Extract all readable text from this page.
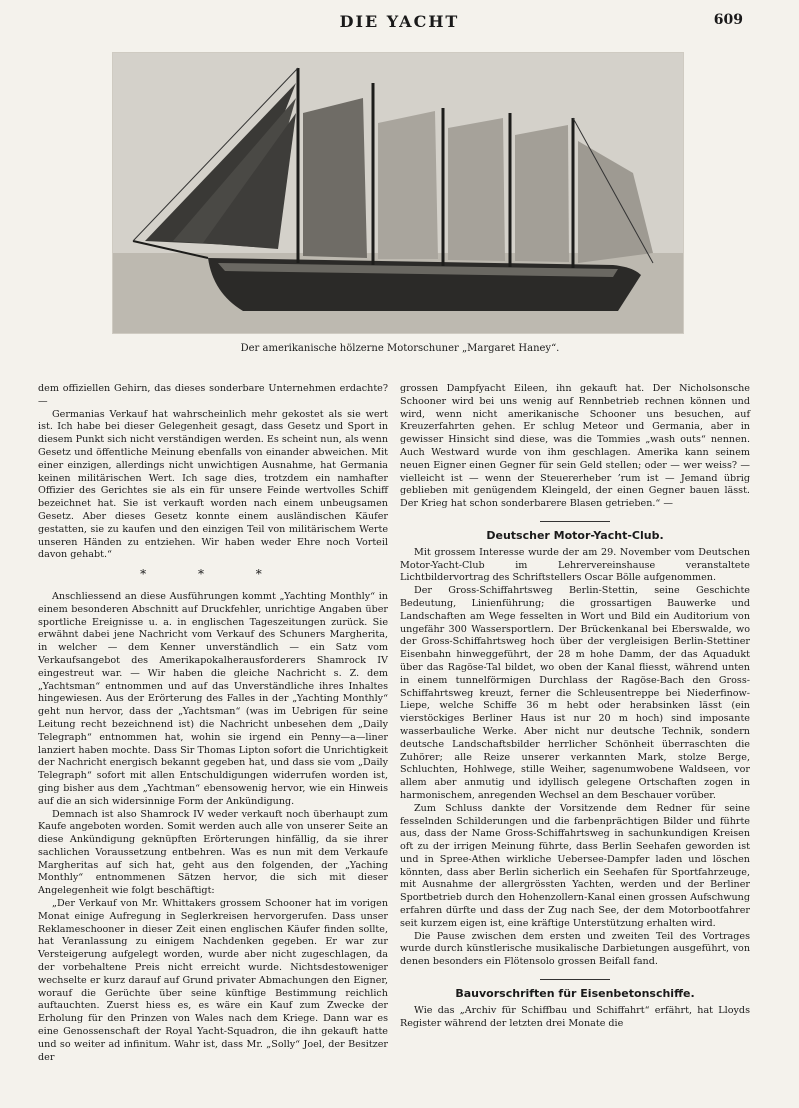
DIE YACHT	609
Der amerikanische hölzerne Motorschuner „Margaret Haney“.

dem offiziellen Gehirn, das dieses sonderbare Unternehmen erdachte? —

Germanias Verkauf hat wahrscheinlich mehr gekostet als sie wert ist. Ich habe bei dieser Gelegenheit gesagt, dass Gesetz und Sport in diesem Punkt sich nicht verständigen werden. Es scheint nun, als wenn Gesetz und öffentliche Meinung ebenfalls von einander abweichen. Mit einer einzigen, allerdings nicht unwichtigen Ausnahme, hat Germania keinen militärischen Wert. Ich sage dies, trotzdem ein namhafter Offizier des Gerichtes sie als ein für unsere Feinde wertvolles Schiff bezeichnet hat. Sie ist verkauft worden nach einem unbeugsamen Gesetz. Aber dieses Gesetz konnte einem ausländischen Käufer gestatten, sie zu kaufen und den einzigen Teil von militärischem Werte unseren Händen zu entziehen. Wir haben weder Ehre noch Vorteil davon gehabt.“

* * *

Anschliessend an diese Ausführungen kommt „Yachting Monthly“ in einem besonderen Abschnitt auf Druckfehler, unrichtige Angaben über sportliche Ereignisse u. a. in englischen Tageszeitungen zurück. Sie erwähnt dabei jene Nachricht vom Verkauf des Schuners Margherita, in welcher — dem Kenner unverständlich — ein Satz vom Verkaufsangebot des Amerikapokalherausforderers Shamrock IV eingestreut war. — Wir haben die gleiche Nachricht s. Z. dem „Yachtsman“ entnommen und auf das Unverständliche ihres Inhaltes hingewiesen. Aus der Erörterung des Falles in der „Yachting Monthly“ geht nun hervor, dass der „Yachtsman“ (was im Uebrigen für seine Leitung recht bezeichnend ist) die Nachricht unbesehen dem „Daily Telegraph“ entnommen hat, wohin sie irgend ein Penny—a—liner lanziert haben mochte. Dass Sir Thomas Lipton sofort die Unrichtigkeit der Nachricht energisch bekannt gegeben hat, und dass sie vom „Daily Telegraph“ sofort mit allen Entschuldigungen widerrufen worden ist, ging bisher aus dem „Yachtman“ ebensowenig hervor, wie ein Hinweis auf die an sich widersinnige Form der Ankündigung.

Demnach ist also Shamrock IV weder verkauft noch überhaupt zum Kaufe angeboten worden. Somit werden auch alle von unserer Seite an diese Ankündigung geknüpften Erörterungen hinfällig, da sie ihrer sachlichen Voraussetzung entbehren. Was es nun mit dem Verkaufe Margheritas auf sich hat, geht aus den folgenden, der „Yaching Monthly“ entnommenen Sätzen hervor, die sich mit dieser Angelegenheit wie folgt beschäftigt:

„Der Verkauf von Mr. Whittakers grossem Schooner hat im vorigen Monat einige Aufregung in Seglerkreisen hervorgerufen. Dass unser Reklameschooner in dieser Zeit einen englischen Käufer finden sollte, hat Veranlassung zu einigem Nachdenken gegeben. Er war zur Versteigerung aufgelegt worden, wurde aber nicht zugeschlagen, da der vorbehaltene Preis nicht erreicht wurde. Nichtsdestoweniger wechselte er kurz darauf auf Grund privater Abmachungen den Eigner, worauf die Gerüchte über seine künftige Bestimmung reichlich auftauchten. Zuerst hiess es, es wäre ein Kauf zum Zwecke der Erholung für den Prinzen von Wales nach dem Kriege. Dann war es eine Genossenschaft der Royal Yacht-Squadron, die ihn gekauft hatte und so weiter ad infinitum. Wahr ist, dass Mr. „Solly“ Joel, der Besitzer der

grossen Dampfyacht Eileen, ihn gekauft hat. Der Nicholsonsche Schooner wird bei uns wenig auf Rennbetrieb rechnen können und wird, wenn nicht amerikanische Schooner uns besuchen, auf Kreuzerfahrten gehen. Er schlug Meteor und Germania, aber in gewisser Hinsicht sind diese, was die Tommies „wash outs“ nennen. Auch Westward wurde von ihm geschlagen. Amerika kann seinem neuen Eigner einen Gegner für sein Geld stellen; oder — wer weiss? — vielleicht ist — wenn der Steuererheber ’rum ist — Jemand übrig geblieben mit genügendem Kleingeld, der einen Gegner bauen lässt. Der Krieg hat schon sonderbarere Blasen getrieben.“ —

Deutscher Motor-Yacht-Club.

Mit grossem Interesse wurde der am 29. November vom Deutschen Motor-Yacht-Club im Lehrervereinshause veranstaltete Lichtbildervortrag des Schriftstellers Oscar Bölle aufgenommen.

Der Gross-Schiffahrtsweg Berlin-Stettin, seine Geschichte Bedeutung, Linienführung; die grossartigen Bauwerke und Landschaften am Wege fesselten in Wort und Bild ein Auditorium von ungefähr 300 Wassersportlern. Der Brückenkanal bei Eberswalde, wo der Gross-Schiffahrtsweg hoch über der vergleisigen Berlin-Stettiner Eisenbahn hinweggeführt, der 28 m hohe Damm, der das Aquadukt über das Ragöse-Tal bildet, wo oben der Kanal fliesst, während unten in einem tunnelförmigen Durchlass der Ragöse-Bach den Gross-Schiffahrtsweg kreuzt, ferner die Schleusentreppe bei Niederfinow-Liepe, welche Schiffe 36 m hebt oder herabsinken lässt (ein vierstöckiges Berliner Haus ist nur 20 m hoch) sind imposante wasserbauliche Werke. Aber nicht nur deutsche Technik, sondern deutsche Landschaftsbilder herrlicher Schönheit überraschten die Zuhörer; alle Reize unserer verkannten Mark, stolze Berge, Schluchten, Hohlwege, stille Weiher, sagenumwobene Waldseen, vor allem aber anmutig und idyllisch gelegene Ortschaften zogen in harmonischem, anregenden Wechsel an dem Beschauer vorüber.

Zum Schluss dankte der Vorsitzende dem Redner für seine fesselnden Schilderungen und die farbenprächtigen Bilder und führte aus, dass der Name Gross-Schiffahrtsweg in sachunkundigen Kreisen oft zu der irrigen Meinung führte, dass Berlin Seehafen geworden ist und in Spree-Athen wirkliche Uebersee-Dampfer laden und löschen könnten, dass aber Berlin sicherlich ein Seehafen für Sportfahrzeuge, mit Ausnahme der allergrössten Yachten, werden und der Berliner Sportbetrieb durch den Hohenzollern-Kanal einen grossen Aufschwung erfahren dürfte und dass der Zug nach See, der dem Motorbootfahrer seit kurzem eigen ist, eine kräftige Unterstützung erhalten wird.

Die Pause zwischen dem ersten und zweiten Teil des Vortrages wurde durch künstlerische musikalische Darbietungen ausgeführt, von denen besonders ein Flötensolo grossen Beifall fand.

Bauvorschriften für Eisenbetonschiffe.

Wie das „Archiv für Schiffbau und Schiffahrt“ erfährt, hat Lloyds Register während der letzten drei Monate die
